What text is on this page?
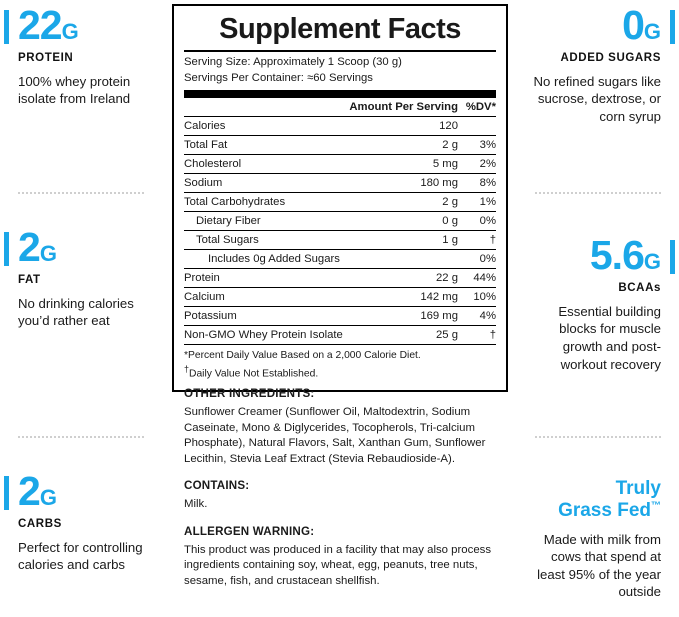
22G
PROTEIN
100% whey protein isolate from Ireland
2G
FAT
No drinking calories you’d rather eat
2G
CARBS
Perfect for controlling calories and carbs
Supplement Facts
Serving Size: Approximately 1 Scoop (30 g)
Servings Per Container: ≈60 Servings
	Amount Per Serving	%DV*
Calories	120	
Total Fat	2 g	3%
Cholesterol	5 mg	2%
Sodium	180 mg	8%
Total Carbohydrates	2 g	1%
Dietary Fiber	0 g	0%
Total Sugars	1 g	†
Includes 0g Added Sugars		0%
Protein	22 g	44%
Calcium	142 mg	10%
Potassium	169 mg	4%
Non-GMO Whey Protein Isolate	25 g	†
*Percent Daily Value Based on a 2,000 Calorie Diet.
†Daily Value Not Established.
OTHER INGREDIENTS:
Sunflower Creamer (Sunflower Oil, Maltodextrin, Sodium Caseinate, Mono & Diglycerides, Tocopherols, Tri-calcium Phosphate), Natural Flavors, Salt, Xanthan Gum, Sunflower Lecithin, Stevia Leaf Extract (Stevia Rebaudioside-A).
CONTAINS:
Milk.
ALLERGEN WARNING:
This product was produced in a facility that may also process ingredients containing soy, wheat, egg, peanuts, tree nuts, sesame, fish, and crustacean shellfish.
0G
ADDED SUGARS
No refined sugars like sucrose, dextrose, or corn syrup
5.6G
BCAAs
Essential building blocks for muscle growth and post-workout recovery
Truly
Grass Fed™
Made with milk from cows that spend at least 95% of the year outside
